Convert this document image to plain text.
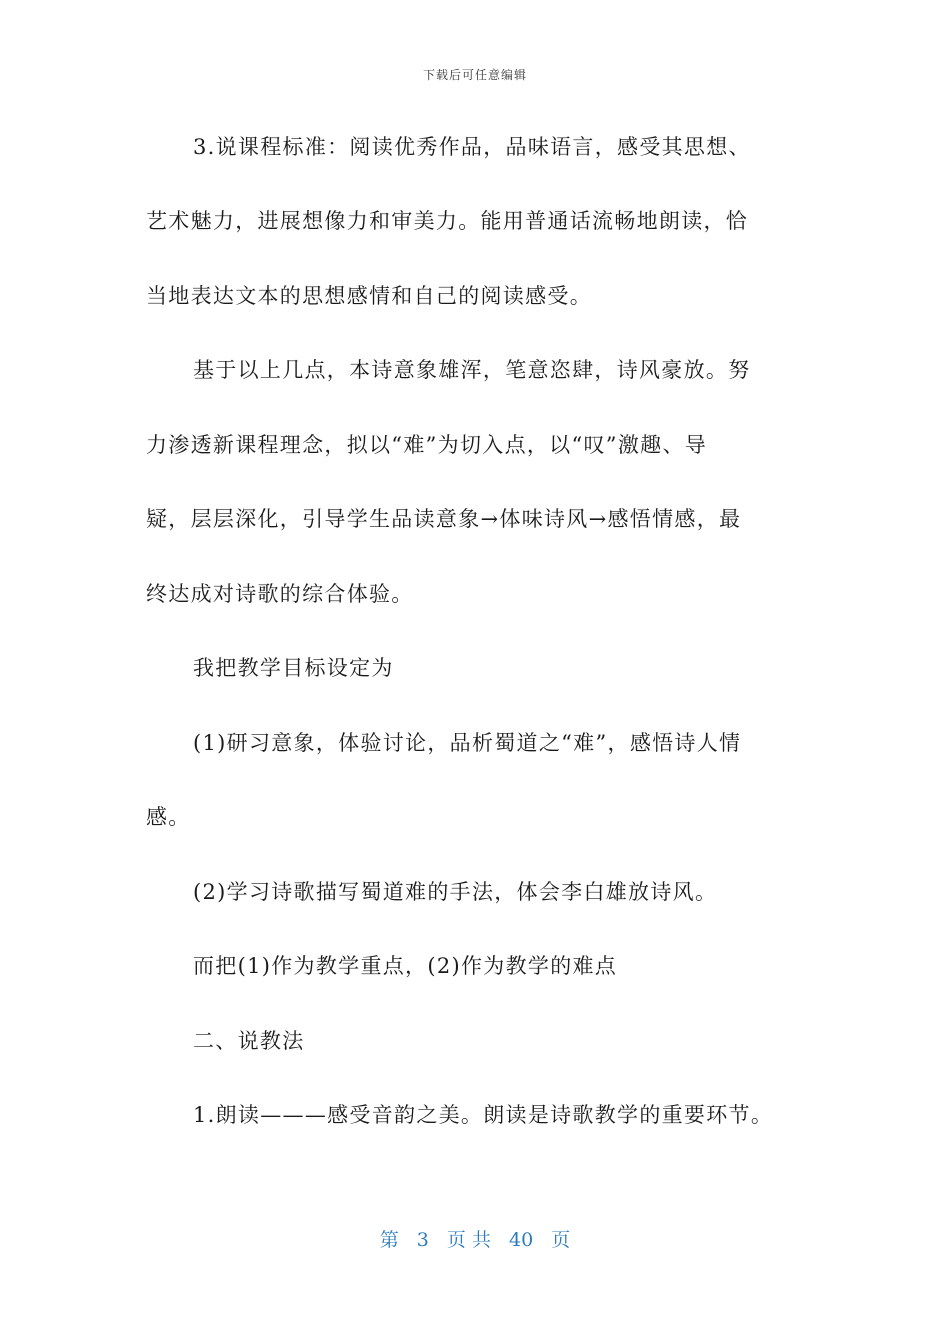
下载后可任意编辑
3.说课程标准：阅读优秀作品，品味语言，感受其思想、
艺术魅力，进展想像力和审美力。能用普通话流畅地朗读，恰
当地表达文本的思想感情和自己的阅读感受。
基于以上几点，本诗意象雄浑，笔意恣肆，诗风豪放。努
力渗透新课程理念，拟以“难”为切入点，以“叹”激趣、导
疑，层层深化，引导学生品读意象→体味诗风→感悟情感，最
终达成对诗歌的综合体验。
我把教学目标设定为
(1)研习意象，体验讨论，品析蜀道之“难”，感悟诗人情
感。
(2)学习诗歌描写蜀道难的手法，体会李白雄放诗风。
而把(1)作为教学重点，(2)作为教学的难点
二、说教法
1.朗读———感受音韵之美。朗读是诗歌教学的重要环节。
第 3 页 共 40 页
